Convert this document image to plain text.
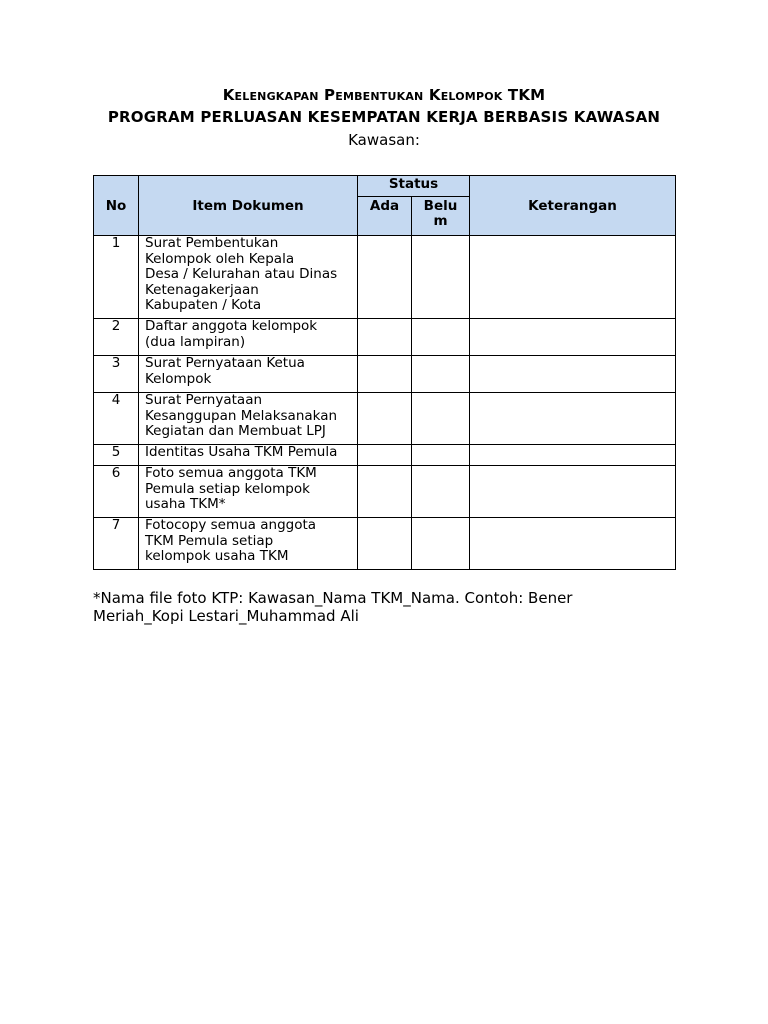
Kelengkapan Pembentukan Kelompok TKM
PROGRAM PERLUASAN KESEMPATAN KERJA BERBASIS KAWASAN
Kawasan:
No	Item Dokumen	Status		Keterangan
		Ada	Belu
m	
1	Surat Pembentukan
Kelompok oleh Kepala
Desa / Kelurahan atau Dinas
Ketenagakerjaan
Kabupaten / Kota			
2	Daftar anggota kelompok
(dua lampiran)			
3	Surat Pernyataan Ketua
Kelompok			
4	Surat Pernyataan
Kesanggupan Melaksanakan
Kegiatan dan Membuat LPJ			
5	Identitas Usaha TKM Pemula			
6	Foto semua anggota TKM
Pemula setiap kelompok
usaha TKM*			
7	Fotocopy semua anggota
TKM Pemula setiap
kelompok usaha TKM			
*Nama file foto KTP: Kawasan_Nama TKM_Nama. Contoh: Bener
Meriah_Kopi Lestari_Muhammad Ali
